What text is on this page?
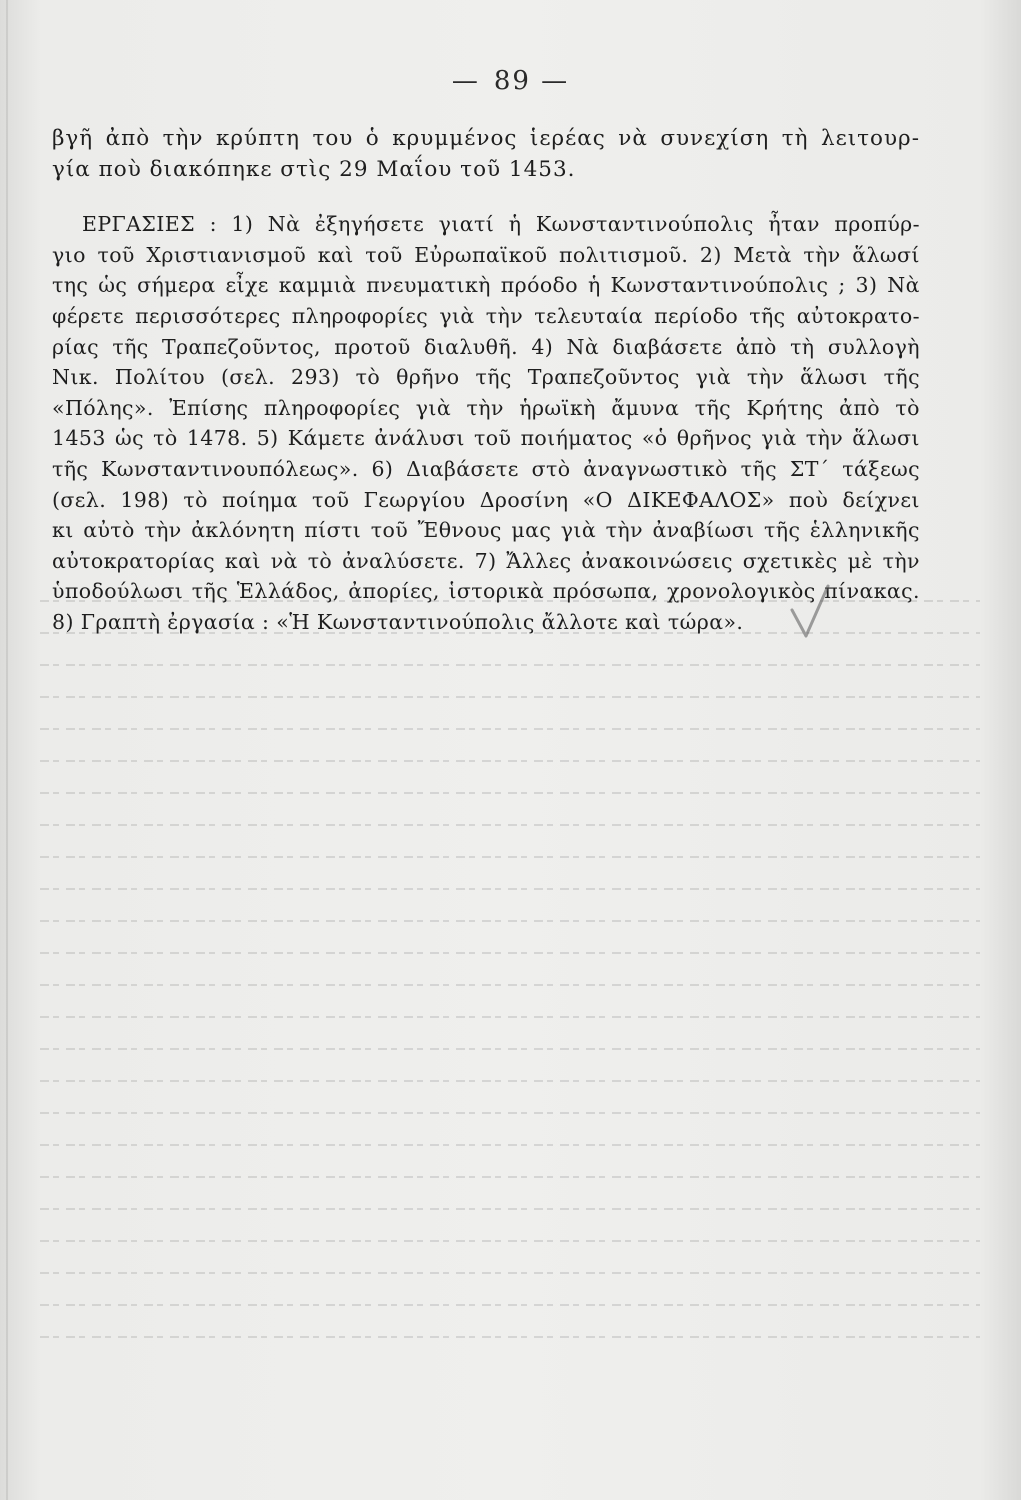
— 89 —
βγῆ ἀπὸ τὴν κρύπτη του ὁ κρυμμένος ἱερέας νὰ συνεχίση τὴ λειτουρ-
γία ποὺ διακόπηκε στὶς 29 Μαΐου τοῦ 1453.
ΕΡΓΑΣΙΕΣ : 1) Νὰ ἐξηγήσετε γιατί ἡ Κωνσταντινούπολις ἦταν προπύρ-
γιο τοῦ Χριστιανισμοῦ καὶ τοῦ Εὐρωπαϊκοῦ πολιτισμοῦ. 2) Μετὰ τὴν ἅλωσί
της ὡς σήμερα εἶχε καμμιὰ πνευματικὴ πρόοδο ἡ Κωνσταντινούπολις ; 3) Νὰ
φέρετε περισσότερες πληροφορίες γιὰ τὴν τελευταία περίοδο τῆς αὐτοκρατο-
ρίας τῆς Τραπεζοῦντος, προτοῦ διαλυθῆ. 4) Νὰ διαβάσετε ἀπὸ τὴ συλλογὴ
Νικ. Πολίτου (σελ. 293) τὸ θρῆνο τῆς Τραπεζοῦντος γιὰ τὴν ἅλωσι τῆς
«Πόλης». Ἐπίσης πληροφορίες γιὰ τὴν ἡρωϊκὴ ἄμυνα τῆς Κρήτης ἀπὸ τὸ
1453 ὡς τὸ 1478. 5) Κάμετε ἀνάλυσι τοῦ ποιήματος «ὁ θρῆνος γιὰ τὴν ἅλωσι
τῆς Κωνσταντινουπόλεως». 6) Διαβάσετε στὸ ἀναγνωστικὸ τῆς ΣΤ΄ τάξεως
(σελ. 198) τὸ ποίημα τοῦ Γεωργίου Δροσίνη «Ο ΔΙΚΕΦΑΛΟΣ» ποὺ δείχνει
κι αὐτὸ τὴν ἀκλόνητη πίστι τοῦ Ἔθνους μας γιὰ τὴν ἀναβίωσι τῆς ἑλληνικῆς
αὐτοκρατορίας καὶ νὰ τὸ ἀναλύσετε. 7) Ἄλλες ἀνακοινώσεις σχετικὲς μὲ τὴν
ὑποδούλωσι τῆς Ἑλλάδος, ἀπορίες, ἱστορικὰ πρόσωπα, χρονολογικὸς πίνακας.
8) Γραπτὴ ἐργασία : «Ἡ Κωνσταντινούπολις ἄλλοτε καὶ τώρα».
